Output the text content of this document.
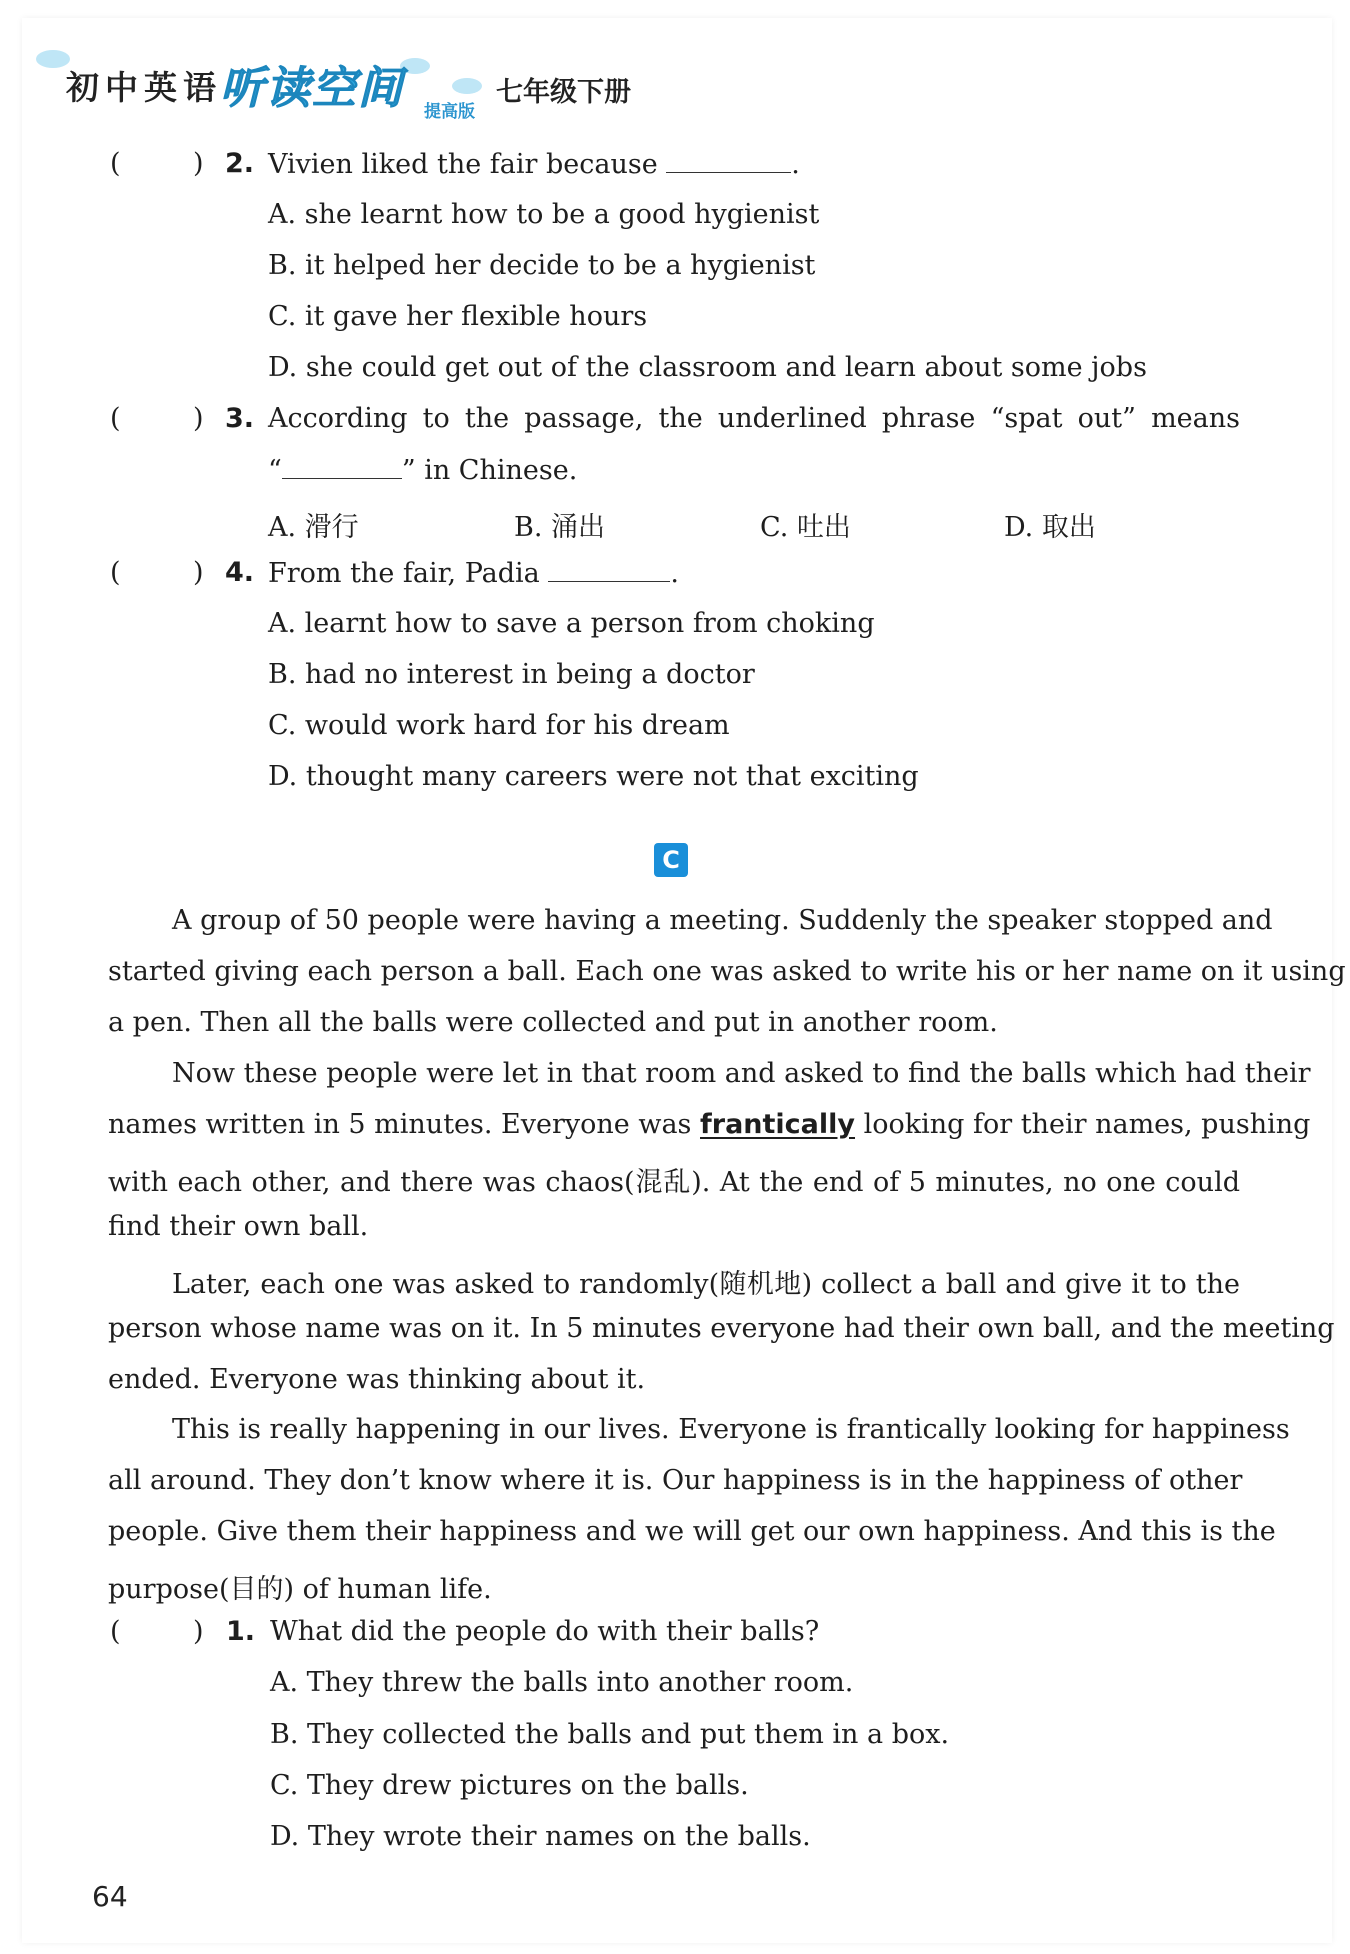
初中英语
听读空间 提高版
七年级下册
(	) 2. Vivien liked the fair because	.
A. she learnt how to be a good hygienist
B. it helped her decide to be a hygienist
C. it gave her flexible hours
D. she could get out of the classroom and learn about some jobs
(	) 3. According to the passage, the underlined phrase “spat out” means
“	” in Chinese.
A. 滑行	B. 涌出	C. 吐出	D. 取出
(	) 4. From the fair, Padia	.
A. learnt how to save a person from choking
B. had no interest in being a doctor
C. would work hard for his dream
D. thought many careers were not that exciting
C
A group of 50 people were having a meeting. Suddenly the speaker stopped and
started giving each person a ball. Each one was asked to write his or her name on it using
a pen. Then all the balls were collected and put in another room.
Now these people were let in that room and asked to find the balls which had their
names written in 5 minutes. Everyone was frantically looking for their names, pushing
with each other, and there was chaos(混乱). At the end of 5 minutes, no one could
find their own ball.
Later, each one was asked to randomly(随机地) collect a ball and give it to the
person whose name was on it. In 5 minutes everyone had their own ball, and the meeting
ended. Everyone was thinking about it.
This is really happening in our lives. Everyone is frantically looking for happiness
all around. They don’t know where it is. Our happiness is in the happiness of other
people. Give them their happiness and we will get our own happiness. And this is the
purpose(目的) of human life.
(	) 1. What did the people do with their balls?
A. They threw the balls into another room.
B. They collected the balls and put them in a box.
C. They drew pictures on the balls.
D. They wrote their names on the balls.
64
